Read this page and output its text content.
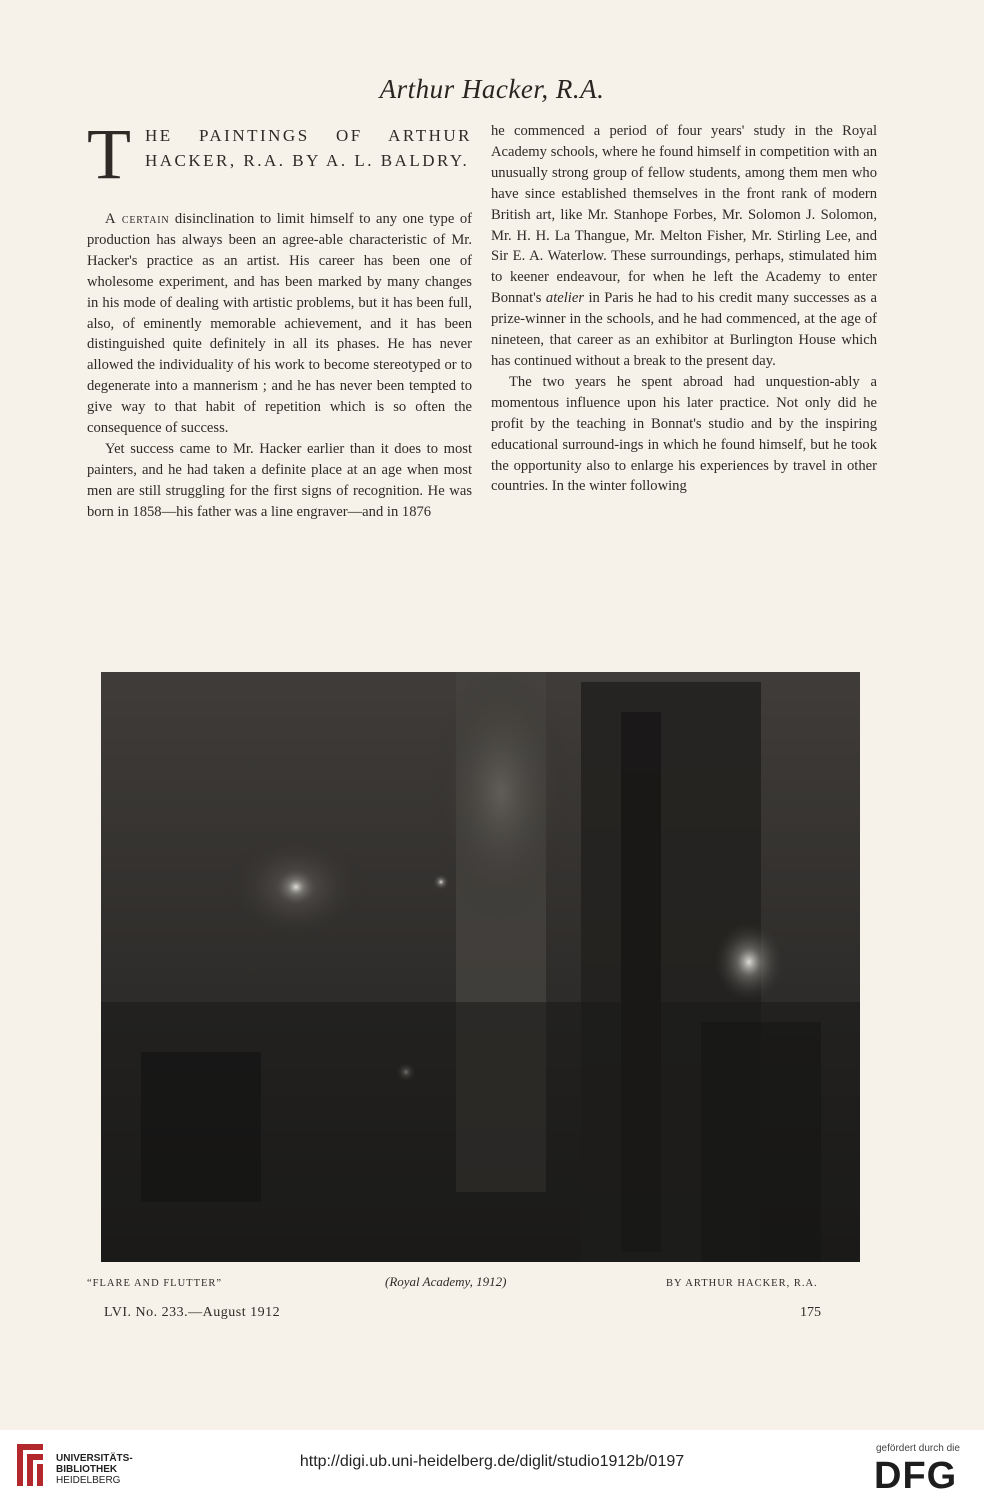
Arthur Hacker, R.A.
T HE PAINTINGS OF ARTHUR HACKER, R.A. BY A. L. BALDRY.

A certain disinclination to limit himself to any one type of production has always been an agree-able characteristic of Mr. Hacker's practice as an artist. His career has been one of wholesome experiment, and has been marked by many changes in his mode of dealing with artistic problems, but it has been full, also, of eminently memorable achievement, and it has been distinguished quite definitely in all its phases. He has never allowed the individuality of his work to become stereotyped or to degenerate into a mannerism ; and he has never been tempted to give way to that habit of repetition which is so often the consequence of success.

Yet success came to Mr. Hacker earlier than it does to most painters, and he had taken a definite place at an age when most men are still struggling for the first signs of recognition. He was born in 1858—his father was a line engraver—and in 1876

he commenced a period of four years' study in the Royal Academy schools, where he found himself in competition with an unusually strong group of fellow students, among them men who have since established themselves in the front rank of modern British art, like Mr. Stanhope Forbes, Mr. Solomon J. Solomon, Mr. H. H. La Thangue, Mr. Melton Fisher, Mr. Stirling Lee, and Sir E. A. Waterlow. These surroundings, perhaps, stimulated him to keener endeavour, for when he left the Academy to enter Bonnat's atelier in Paris he had to his credit many successes as a prize-winner in the schools, and he had commenced, at the age of nineteen, that career as an exhibitor at Burlington House which has continued without a break to the present day.

The two years he spent abroad had unquestion-ably a momentous influence upon his later practice. Not only did he profit by the teaching in Bonnat's studio and by the inspiring educational surround-ings in which he found himself, but he took the opportunity also to enlarge his experiences by travel in other countries. In the winter following

“FLARE AND FLUTTER”	(Royal Academy, 1912)	BY ARTHUR HACKER, R.A.
LVI. No. 233.—August 1912	175
UNIVERSITÄTS-
BIBLIOTHEK
HEIDELBERG
http://digi.ub.uni-heidelberg.de/diglit/studio1912b/0197
gefördert durch die
DFG
